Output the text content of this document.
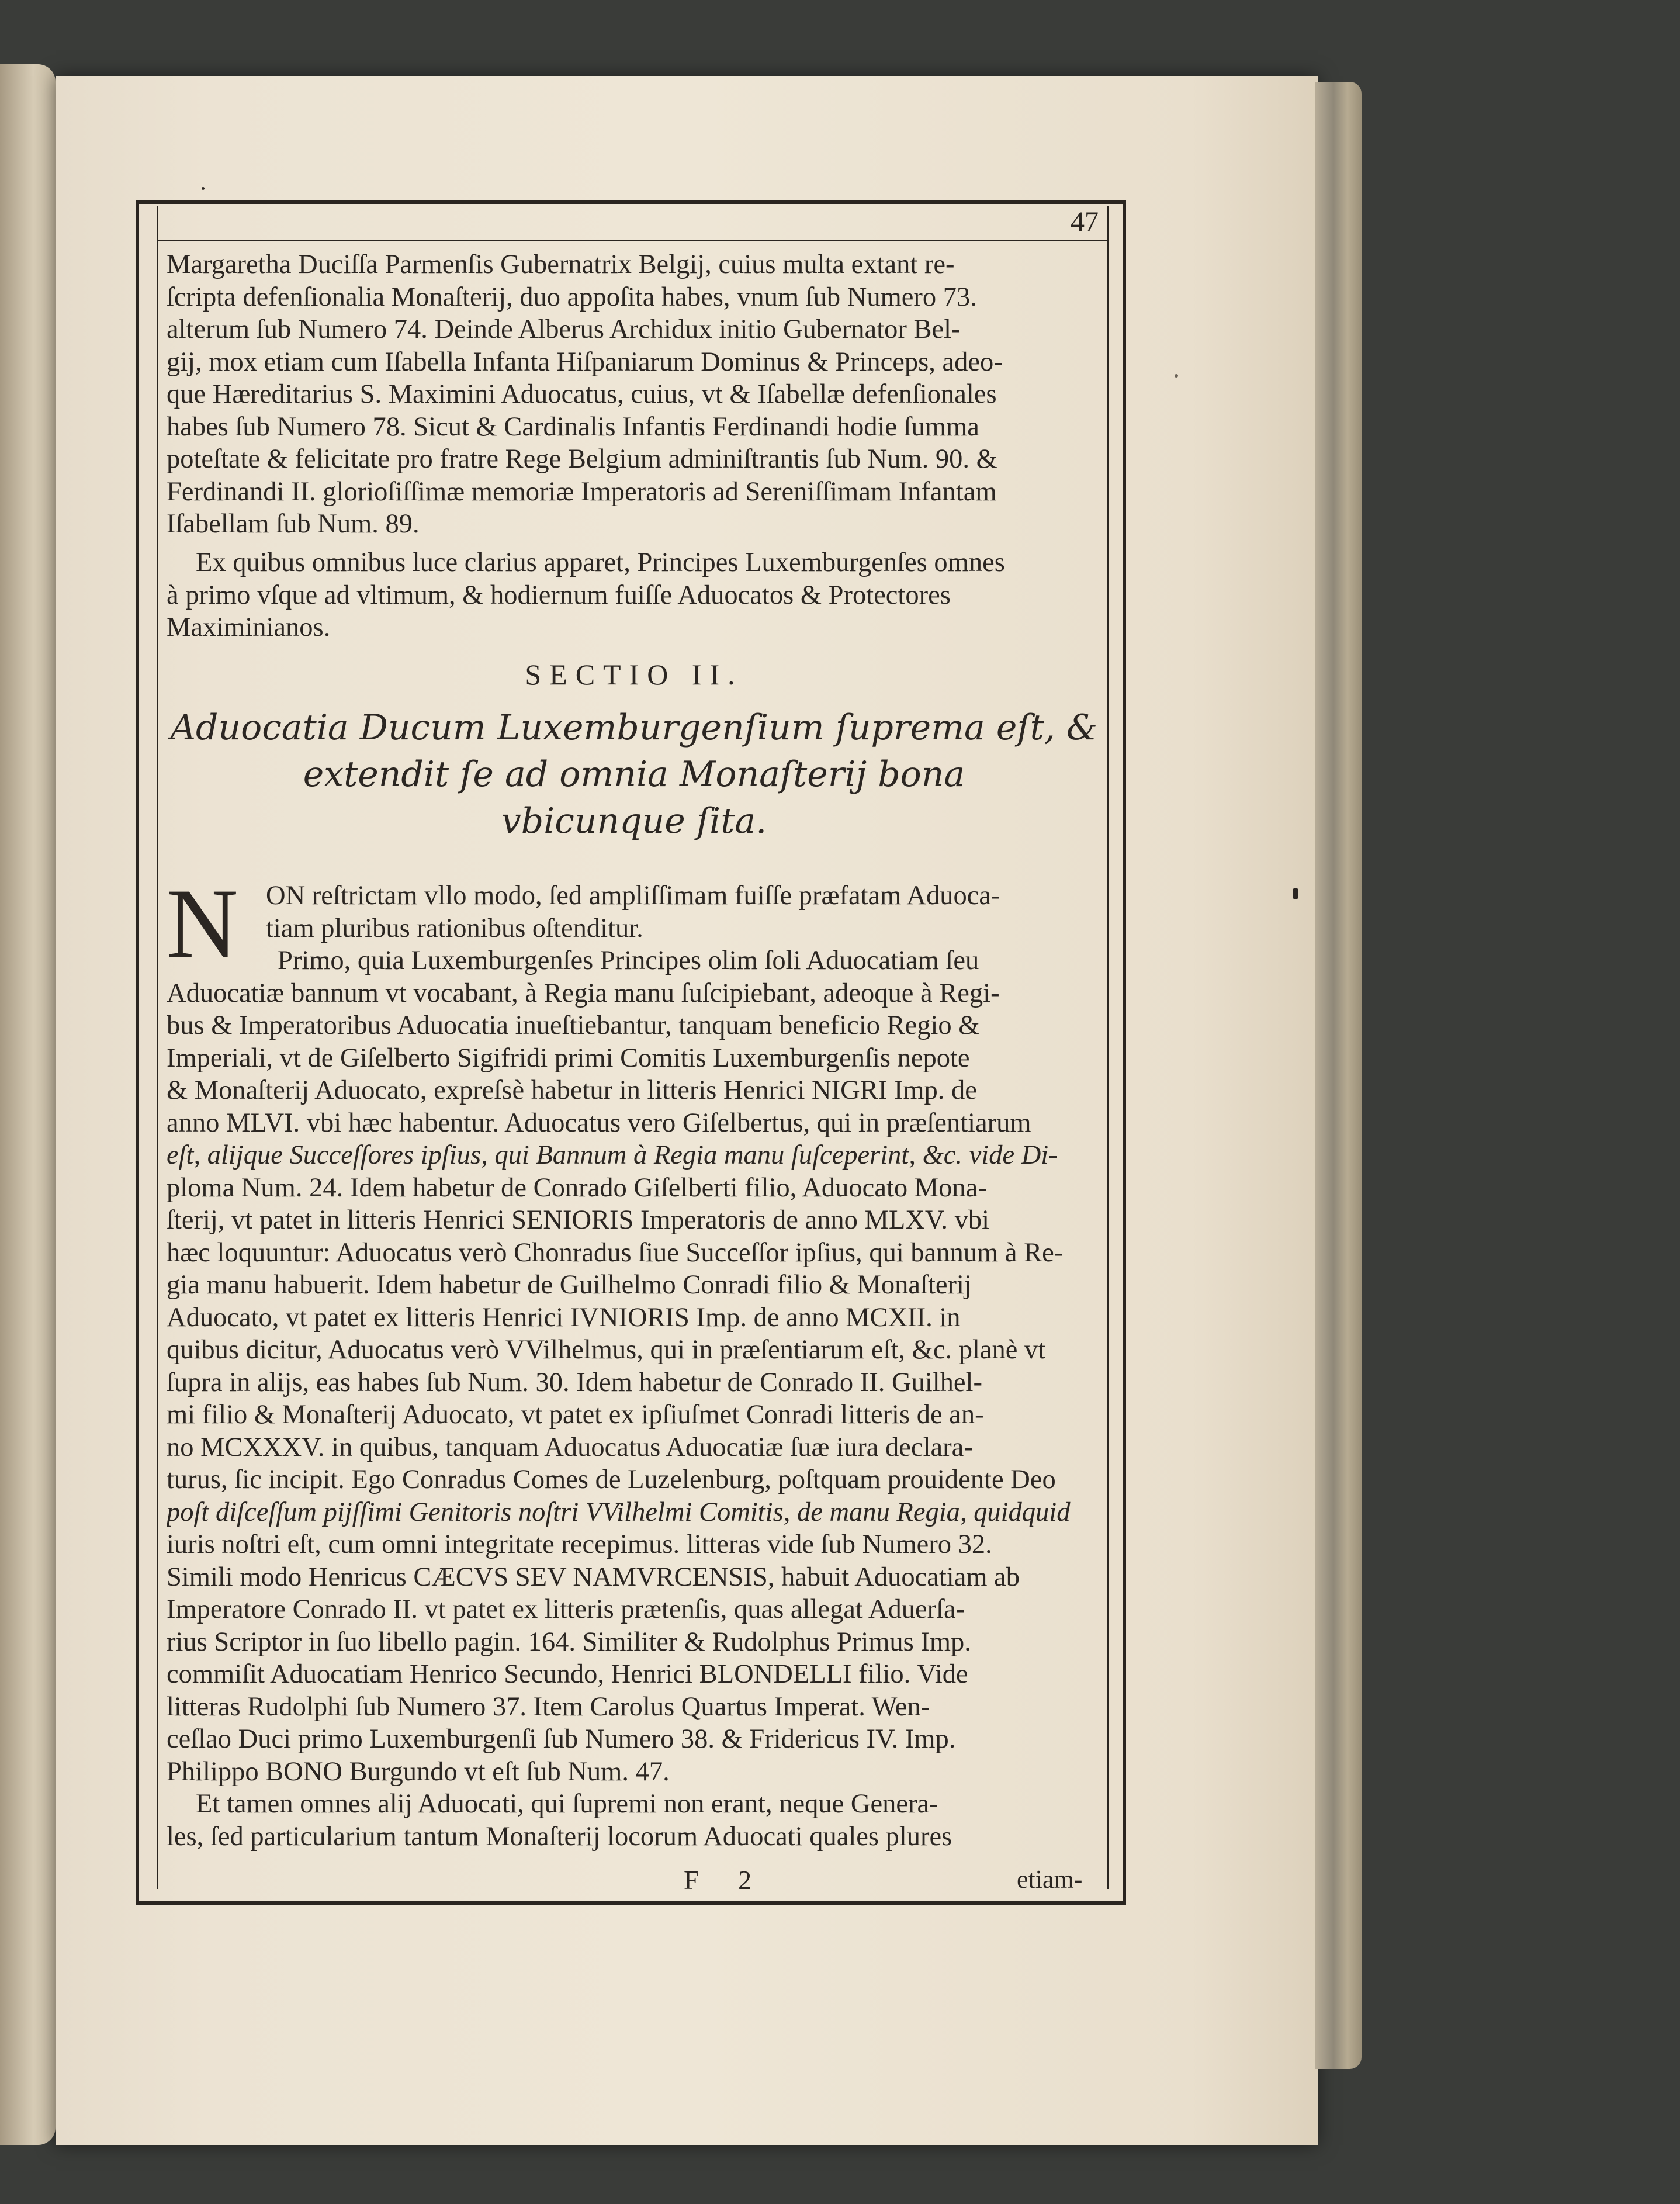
47
Margaretha Duciſſa Parmenſis Gubernatrix Belgij, cuius multa extant re-
ſcripta defenſionalia Monaſterij, duo appoſita habes, vnum ſub Numero 73.
alterum ſub Numero 74. Deinde Alberus Archidux initio Gubernator Bel-
gij, mox etiam cum Iſabella Infanta Hiſpaniarum Dominus & Princeps, adeo-
que Hæreditarius S. Maximini Aduocatus, cuius, vt & Iſabellæ defenſionales
habes ſub Numero 78. Sicut & Cardinalis Infantis Ferdinandi hodie ſumma
poteſtate & felicitate pro fratre Rege Belgium adminiſtrantis ſub Num. 90. &
Ferdinandi II. glorioſiſſimæ memoriæ Imperatoris ad Sereniſſimam Infantam
Iſabellam ſub Num. 89.
Ex quibus omnibus luce clarius apparet, Principes Luxemburgenſes omnes
à primo vſque ad vltimum, & hodiernum fuiſſe Aduocatos & Protectores
Maximinianos.
SECTIO II.
Aduocatia Ducum Luxemburgenſium ſuprema eſt, &
extendit ſe ad omnia Monaſterij bona
vbicunque ſita.
N ON reſtrictam vllo modo, ſed ampliſſimam fuiſſe præfatam Aduoca-
tiam pluribus rationibus oſtenditur.
Primo, quia Luxemburgenſes Principes olim ſoli Aduocatiam ſeu
Aduocatiæ bannum vt vocabant, à Regia manu ſuſcipiebant, adeoque à Regi-
bus & Imperatoribus Aduocatia inueſtiebantur, tanquam beneficio Regio &
Imperiali, vt de Giſelberto Sigifridi primi Comitis Luxemburgenſis nepote
& Monaſterij Aduocato, expreſsè habetur in litteris Henrici NIGRI Imp. de
anno MLVI. vbi hæc habentur. Aduocatus vero Giſelbertus, qui in præſentiarum
eſt, alijque Succeſſores ipſius, qui Bannum à Regia manu ſuſceperint, &c. vide Di-
ploma Num. 24. Idem habetur de Conrado Giſelberti filio, Aduocato Mona-
ſterij, vt patet in litteris Henrici SENIORIS Imperatoris de anno MLXV. vbi
hæc loquuntur: Aduocatus verò Chonradus ſiue Succeſſor ipſius, qui bannum à Re-
gia manu habuerit. Idem habetur de Guilhelmo Conradi filio & Monaſterij
Aduocato, vt patet ex litteris Henrici IVNIORIS Imp. de anno MCXII. in
quibus dicitur, Aduocatus verò VVilhelmus, qui in præſentiarum eſt, &c. planè vt
ſupra in alijs, eas habes ſub Num. 30. Idem habetur de Conrado II. Guilhel-
mi filio & Monaſterij Aduocato, vt patet ex ipſiuſmet Conradi litteris de an-
no MCXXXV. in quibus, tanquam Aduocatus Aduocatiæ ſuæ iura declara-
turus, ſic incipit. Ego Conradus Comes de Luzelenburg, poſtquam prouidente Deo
poſt diſceſſum pijſſimi Genitoris noſtri VVilhelmi Comitis, de manu Regia, quidquid
iuris noſtri eſt, cum omni integritate recepimus. litteras vide ſub Numero 32.
Simili modo Henricus CÆCVS SEV NAMVRCENSIS, habuit Aduocatiam ab
Imperatore Conrado II. vt patet ex litteris prætenſis, quas allegat Aduerſa-
rius Scriptor in ſuo libello pagin. 164. Similiter & Rudolphus Primus Imp.
commiſit Aduocatiam Henrico Secundo, Henrici BLONDELLI filio. Vide
litteras Rudolphi ſub Numero 37. Item Carolus Quartus Imperat. Wen-
ceſlao Duci primo Luxemburgenſi ſub Numero 38. & Fridericus IV. Imp.
Philippo BONO Burgundo vt eſt ſub Num. 47.
Et tamen omnes alij Aduocati, qui ſupremi non erant, neque Genera-
les, ſed particularium tantum Monaſterij locorum Aduocati quales plures
F 2	etiam-
